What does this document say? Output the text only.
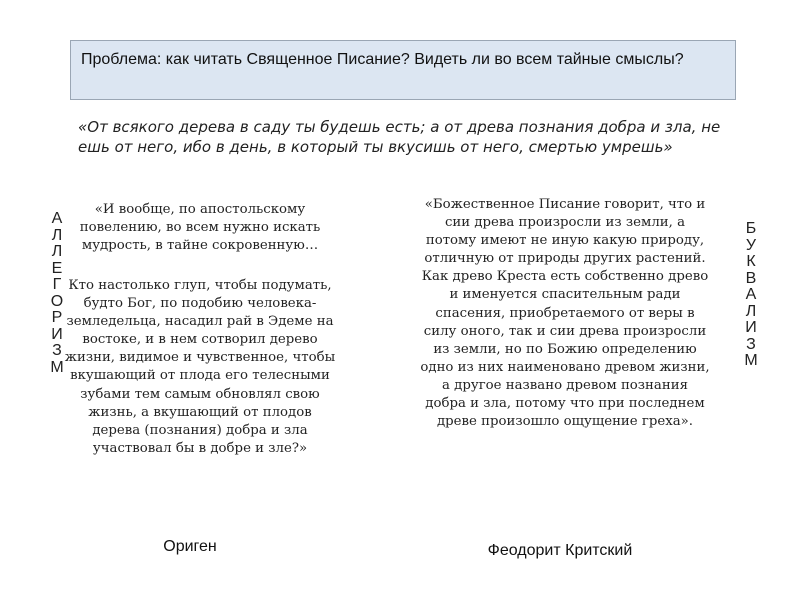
Проблема: как читать Священное Писание? Видеть ли во всем тайные смыслы?
«От всякого дерева в саду ты будешь есть; а от древа познания добра и зла, не ешь от него, ибо в день, в который ты вкусишь от него, смертью умрешь»
А
Л
Л
Е
Г
О
Р
И
З
М
«И вообще, по апостольскому повелению, во всем нужно искать мудрость, в тайне сокровенную…
Кто настолько глуп, чтобы подумать, будто Бог, по подобию человека-земледельца, насадил рай в Эдеме на востоке, и в нем сотворил дерево жизни, видимое и чувственное, чтобы вкушающий от плода его телесными зубами тем самым обновлял свою жизнь, а вкушающий от плодов дерева (познания) добра и зла участвовал бы в добре и зле?»
«Божественное Писание говорит, что и сии древа произросли из земли, а потому имеют не иную какую природу, отличную от природы других растений. Как древо Креста есть собственно древо и именуется спасительным ради спасения, приобретаемого от веры в силу оного, так и сии древа произросли из земли, но по Божию определению одно из них наименовано древом жизни, а другое названо древом познания добра и зла, потому что при последнем древе произошло ощущение греха».
Б
У
К
В
А
Л
И
З
М
Ориген	Феодорит Критский
